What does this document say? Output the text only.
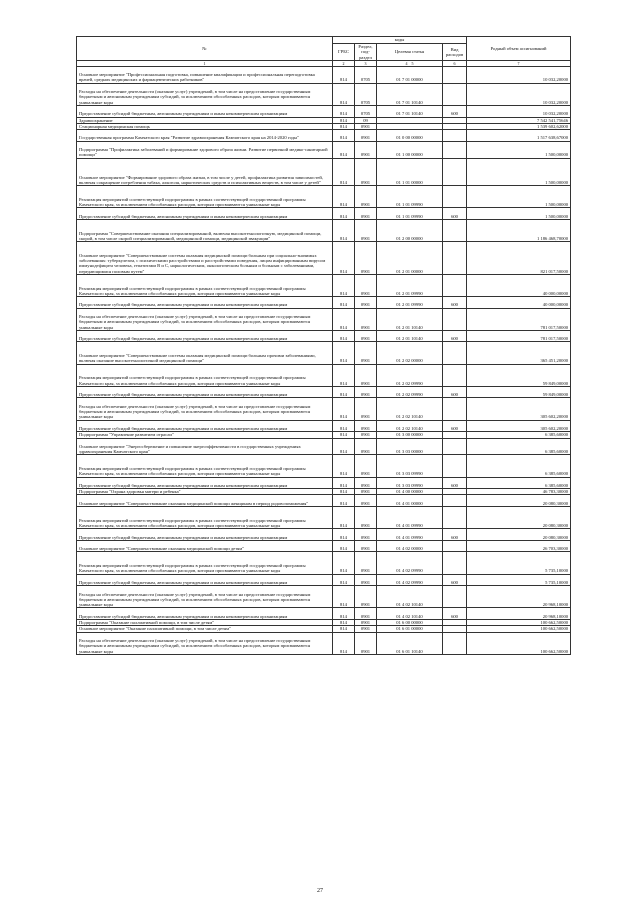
№	коды				Родный объем ассигнований
	ГРБС	Раздел, под-раздел	Целевая статья	Вид расходов	
1	2	3	4 5	6	7
Основное мероприятие "Профессиональная подготовка, повышение квалификации и профессиональная переподготовка врачей, средних медицинских и фармацевтических работников"	814	0705	01 7 01 00000		10 032,20000
Расходы на обеспечение деятельности (оказание услуг) учреждений, в том числе на предоставление государственным бюджетным и автономным учреждениям субсидий, за исключением обособленных расходов, которым присваиваются уникальные коды	814	0705	01 7 01 10140		10 032,20000
Предоставление субсидий бюджетным, автономным учреждениям и иным некоммерческим организациям	814	0705	01 7 01 10140	600	10 032,20000
Здравоохранение	814	09			7 542 541,75646
Стационарная медицинская помощь	814	0901			1 539 602,62000
Государственная программа Камчатского края "Развитие здравоохранения Камчатского края на 2014-2020 годы"	814	0901	01 0 00 00000		1 517 638,67000
Подпрограмма "Профилактика заболеваний и формирование здорового образа жизни. Развитие первичной медико-санитарной помощи"	814	0901	01 1 00 00000		1 500,00000
Основное мероприятие "Формирование здорового образа жизни, в том числе у детей, профилактика развития зависимостей, включая сокращение потребления табака, алкоголя, наркотических средств и психоактивных веществ, в том числе у детей"	814	0901	01 1 01 00000		1 500,00000
Реализация мероприятий соответствующей подпрограммы в рамках соответствующей государственной программы Камчатского края, за исключением обособленных расходов, которым присваиваются уникальные коды	814	0901	01 1 01 09990		1 500,00000
Предоставление субсидий бюджетным, автономным учреждениям и иным некоммерческим организациям	814	0901	01 1 01 09990	600	1 500,00000
Подпрограмма "Совершенствование оказания специализированной, включая высокотехнологичную, медицинской помощи, скорой, в том числе скорой специализированной, медицинской помощи, медицинской эвакуации"	814	0901	01 2 00 00000		1 186 468,70000
Основное мероприятие "Совершенствование системы оказания медицинской помощи больным при социально-значимых заболеваниях: туберкулезом, с психическими расстройствами и расстройствами поведения, лицам инфицированным вирусом иммунодефицита человека, гепатитами B и C, наркологическим, онкологическим больным и больным с заболеваниями, передающимися половым путем"	814	0901	01 2 01 00000		821 017,50000
Реализация мероприятий соответствующей подпрограммы в рамках соответствующей государственной программы Камчатского края, за исключением обособленных расходов, которым присваиваются уникальные коды	814	0901	01 2 01 09990		40 000,00000
Предоставление субсидий бюджетным, автономным учреждениям и иным некоммерческим организациям	814	0901	01 2 01 09990	600	40 000,00000
Расходы на обеспечение деятельности (оказание услуг) учреждений, в том числе на предоставление государственным бюджетным и автономным учреждениям субсидий, за исключением обособленных расходов, которым присваиваются уникальные коды	814	0901	01 2 01 10140		781 017,50000
Предоставление субсидий бюджетным, автономным учреждениям и иным некоммерческим организациям	814	0901	01 2 01 10140	600	781 017,50000
Основное мероприятие "Совершенствование системы оказания медицинской помощи больным прочими заболеваниями, включая оказание высокотехнологичной медицинской помощи"	814	0901	01 2 02 00000		365 451,20000
Реализация мероприятий соответствующей подпрограммы в рамках соответствующей государственной программы Камчатского края, за исключением обособленных расходов, которым присваиваются уникальные коды	814	0901	01 2 02 09990		59 849,00000
Предоставление субсидий бюджетным, автономным учреждениям и иным некоммерческим организациям	814	0901	01 2 02 09990	600	59 849,00000
Расходы на обеспечение деятельности (оказание услуг) учреждений, в том числе на предоставление государственным бюджетным и автономным учреждениям субсидий, за исключением обособленных расходов, которым присваиваются уникальные коды	814	0901	01 2 02 10140		305 602,20000
Предоставление субсидий бюджетным, автономным учреждениям и иным некоммерческим организациям	814	0901	01 2 02 10140	600	305 602,20000
Подпрограмма "Управление развитием отрасли"	814	0901	01 3 00 00000		6 385,60000
Основное мероприятие "Энергосбережение и повышение энергоэффективности в государственных учреждениях здравоохранения Камчатского края"	814	0901	01 3 03 00000		6 385,60000
Реализация мероприятий соответствующей подпрограммы в рамках соответствующей государственной программы Камчатского края, за исключением обособленных расходов, которым присваиваются уникальные коды	814	0901	01 3 03 09990		6 385,60000
Предоставление субсидий бюджетным, автономным учреждениям и иным некоммерческим организациям	814	0901	01 3 03 09990	600	6 385,60000
Подпрограмма "Охрана здоровья матери и ребенка"	814	0901	01 4 00 00000		46 783,30000
Основное мероприятие "Совершенствование оказания медицинской помощи женщинам в период родовспоможения"	814	0901	01 4 01 00000		20 080,30000
Реализация мероприятий соответствующей подпрограммы в рамках соответствующей государственной программы Камчатского края, за исключением обособленных расходов, которым присваиваются уникальные коды	814	0901	01 4 01 09990		20 080,30000
Предоставление субсидий бюджетным, автономным учреждениям и иным некоммерческим организациям	814	0901	01 4 01 09990	600	20 080,30000
Основное мероприятие "Совершенствование оказания медицинской помощи детям"	814	0901	01 4 02 00000		26 703,30000
Реализация мероприятий соответствующей подпрограммы в рамках соответствующей государственной программы Камчатского края, за исключением обособленных расходов, которым присваиваются уникальные коды	814	0901	01 4 02 09990		5 735,10000
Предоставление субсидий бюджетным, автономным учреждениям и иным некоммерческим организациям	814	0901	01 4 02 09990	600	5 735,10000
Расходы на обеспечение деятельности (оказание услуг) учреждений, в том числе на предоставление государственным бюджетным и автономным учреждениям субсидий, за исключением обособленных расходов, которым присваиваются уникальные коды	814	0901	01 4 02 10140		20 968,10000
Предоставление субсидий бюджетным, автономным учреждениям и иным некоммерческим организациям	814	0901	01 4 02 10140	600	20 968,10000
Подпрограмма "Оказание паллиативной помощи, в том числе детям"	814	0901	01 6 00 00000		100 662,50000
Основное мероприятие "Оказание паллиативной помощи, в том числе детям"	814	0901	01 6 01 00000		100 662,50000
Расходы на обеспечение деятельности (оказание услуг) учреждений, в том числе на предоставление государственным бюджетным и автономным учреждениям субсидий, за исключением обособленных расходов, которым присваиваются уникальные коды	814	0901	01 6 01 10140		100 662,50000
27
